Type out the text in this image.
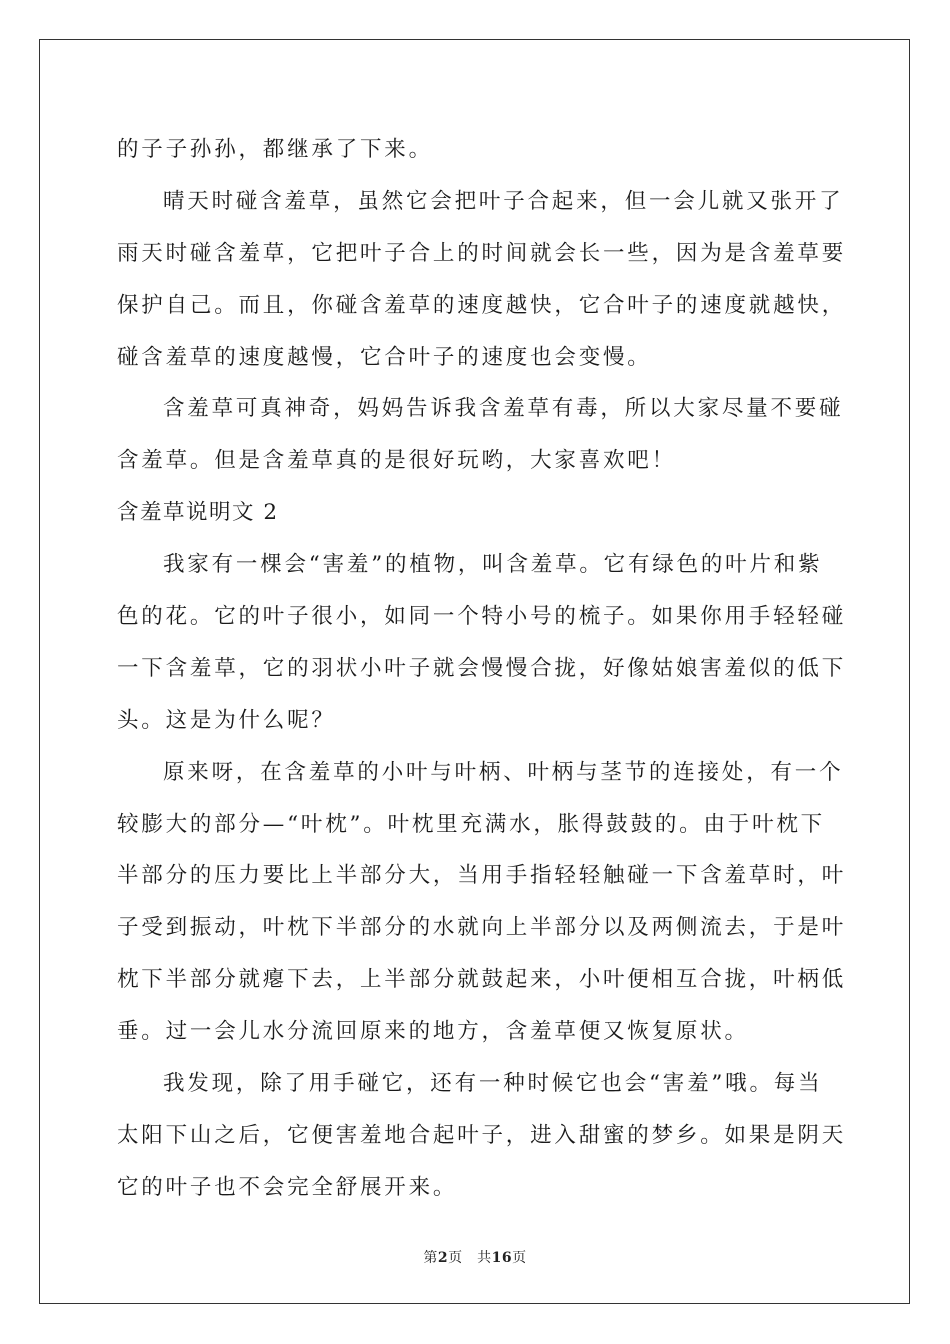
的子子孙孙，都继承了下来。
晴天时碰含羞草，虽然它会把叶子合起来，但一会儿就又张开了
雨天时碰含羞草，它把叶子合上的时间就会长一些，因为是含羞草要
保护自己。而且，你碰含羞草的速度越快，它合叶子的速度就越快，
碰含羞草的速度越慢，它合叶子的速度也会变慢。
含羞草可真神奇，妈妈告诉我含羞草有毒，所以大家尽量不要碰
含羞草。但是含羞草真的是很好玩哟，大家喜欢吧！
含羞草说明文 2
我家有一棵会“害羞”的植物，叫含羞草。它有绿色的叶片和紫
色的花。它的叶子很小，如同一个特小号的梳子。如果你用手轻轻碰
一下含羞草，它的羽状小叶子就会慢慢合拢，好像姑娘害羞似的低下
头。这是为什么呢？
原来呀，在含羞草的小叶与叶柄、叶柄与茎节的连接处，有一个
较膨大的部分—“叶枕”。叶枕里充满水，胀得鼓鼓的。由于叶枕下
半部分的压力要比上半部分大，当用手指轻轻触碰一下含羞草时，叶
子受到振动，叶枕下半部分的水就向上半部分以及两侧流去，于是叶
枕下半部分就瘪下去，上半部分就鼓起来，小叶便相互合拢，叶柄低
垂。过一会儿水分流回原来的地方，含羞草便又恢复原状。
我发现，除了用手碰它，还有一种时候它也会“害羞”哦。每当
太阳下山之后，它便害羞地合起叶子，进入甜蜜的梦乡。如果是阴天
它的叶子也不会完全舒展开来。
第2页　共16页
